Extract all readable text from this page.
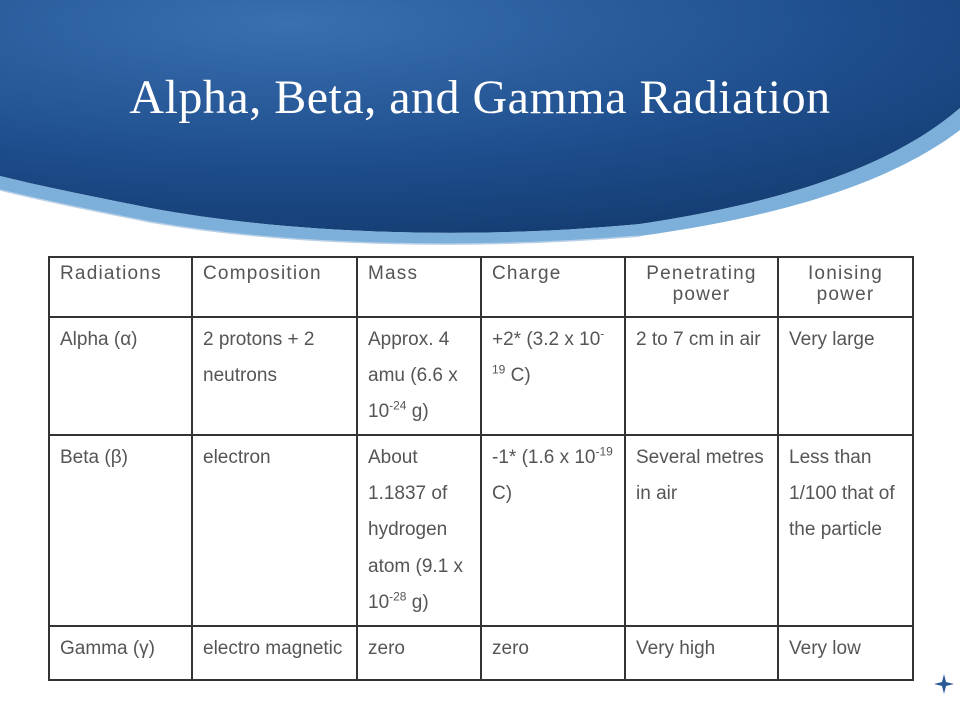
Alpha, Beta, and Gamma Radiation
Radiations	Composition	Mass	Charge	Penetrating power	Ionising power
Alpha (α)	2 protons + 2 neutrons	Approx. 4 amu (6.6 x $10^{-24}$ g)	+2* (3.2 x $10^{-19}$ C)	2 to 7 cm in air	Very large
Beta (β)	electron	About 1.1837 of hydrogen atom (9.1 x $10^{-28}$ g)	-1* (1.6 x $10^{-19}$ C)	Several metres in air	Less than 1/100 that of the particle
Gamma (γ)	electro magnetic	zero	zero	Very high	Very low
